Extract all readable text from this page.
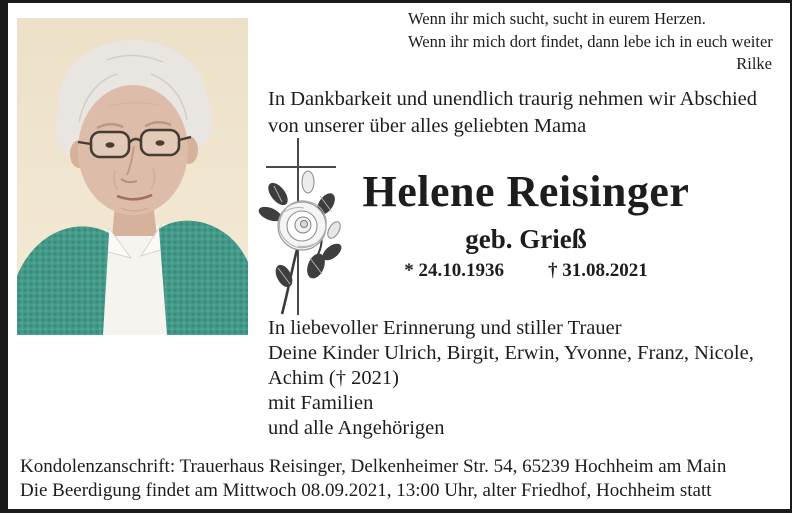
Wenn ihr mich sucht, sucht in eurem Herzen.
Wenn ihr mich dort findet, dann lebe ich in euch weiter
Rilke
In Dankbarkeit und unendlich traurig nehmen wir Abschied
von unserer über alles geliebten Mama
Helene Reisinger
geb. Grieß
* 24.10.1936 † 31.08.2021
In liebevoller Erinnerung und stiller Trauer
Deine Kinder Ulrich, Birgit, Erwin, Yvonne, Franz, Nicole,
Achim († 2021)
mit Familien
und alle Angehörigen
Kondolenzanschrift: Trauerhaus Reisinger, Delkenheimer Str. 54, 65239 Hochheim am Main
Die Beerdigung findet am Mittwoch 08.09.2021, 13:00 Uhr, alter Friedhof, Hochheim statt
